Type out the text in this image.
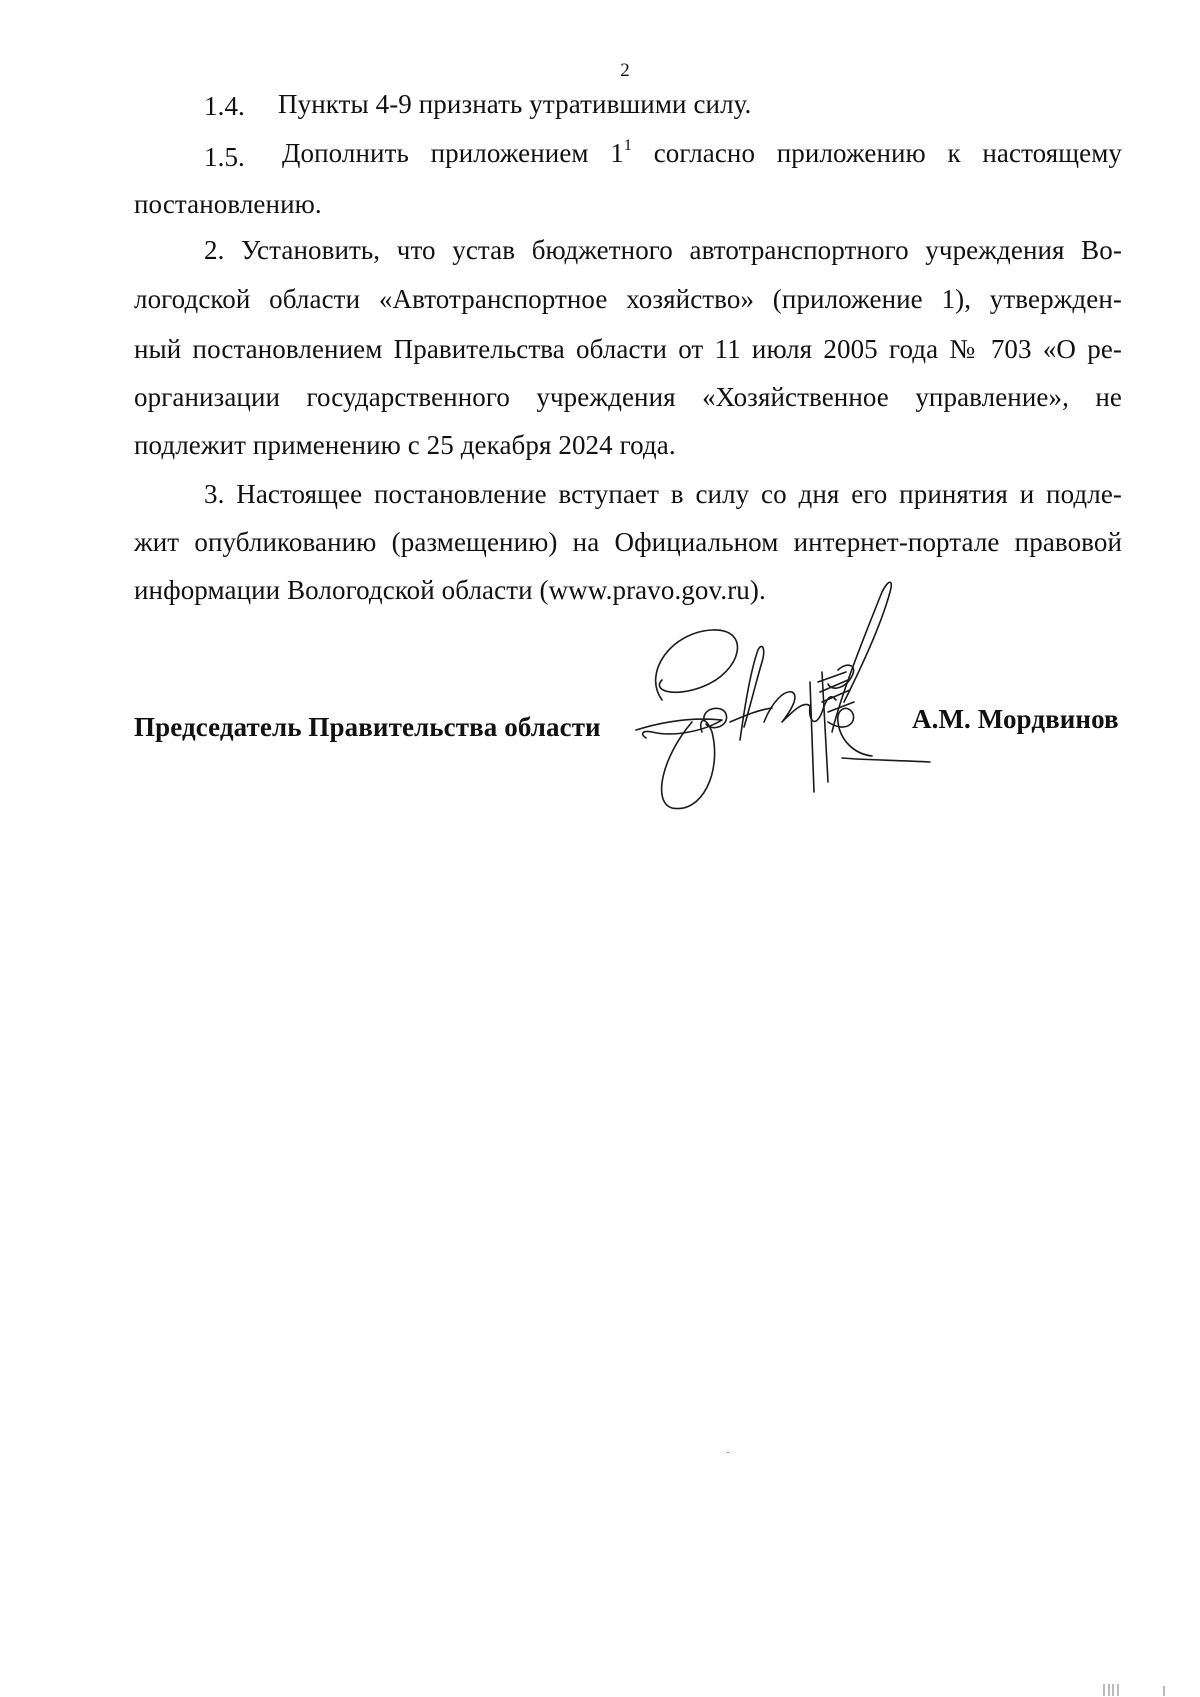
2
1.4. Пункты 4-9 признать утратившими силу.
1.5. Дополнить приложением $1^1$ согласно приложению к настоящему
постановлению.
2. Установить, что устав бюджетного автотранспортного учреждения Во-
логодской области «Автотранспортное хозяйство» (приложение 1), утвержден-
ный постановлением Правительства области от 11 июля 2005 года № 703 «О ре-
организации государственного учреждения «Хозяйственное управление», не
подлежит применению с 25 декабря 2024 года.
3. Настоящее постановление вступает в силу со дня его принятия и подле-
жит опубликованию (размещению) на Официальном интернет-портале правовой
информации Вологодской области (www.pravo.gov.ru).
Председатель Правительства области	А.М. Мордвинов
